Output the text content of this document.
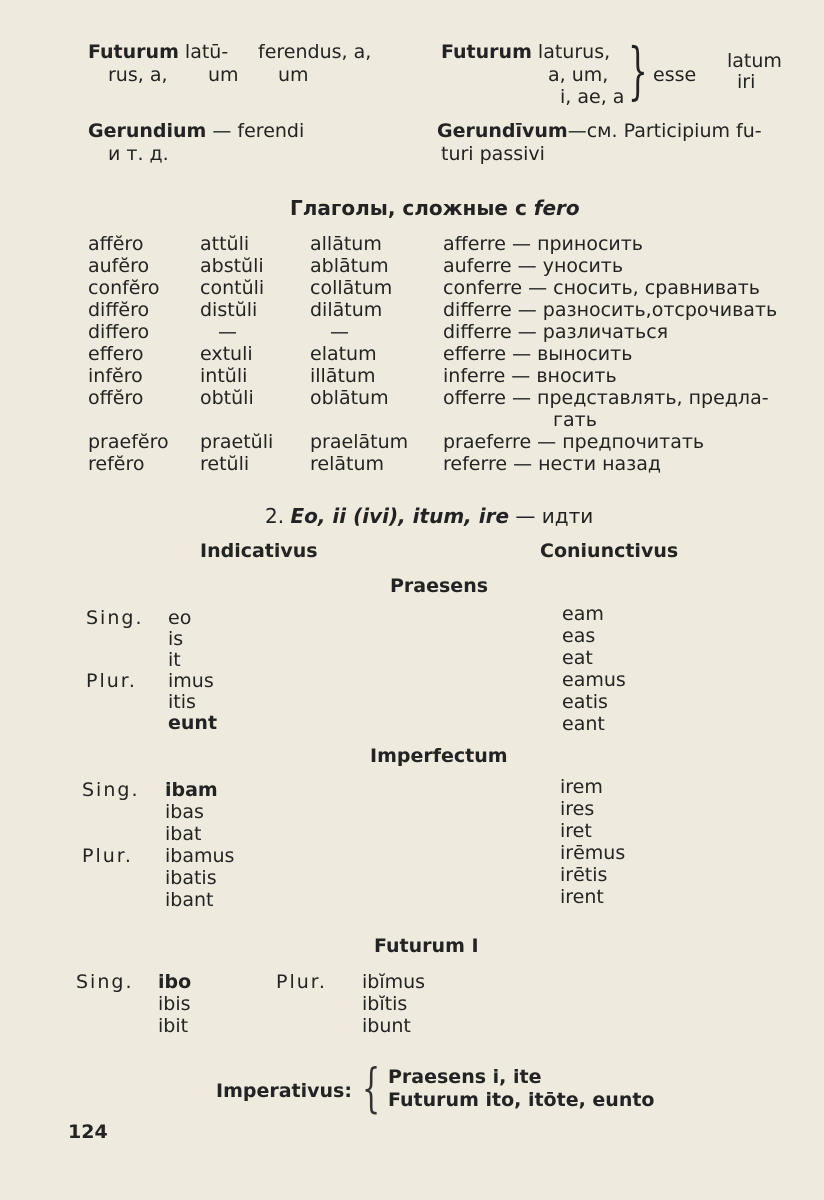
Futurum latū-
rus, a, um
ferendus, a,
um
Futurum laturus,
a, um,
i, ae, a } esse
latum
iri
Gerundium — ferendi
и т. д.
Gerundīvum—см. Participium fu-
turi passivi
Глаголы, сложные с fero
affĕro
aufĕro
confĕro
diffĕro
differo
effero
infĕro
offĕro
praefĕro
refĕro
attŭli
abstŭli
contŭli
distŭli
—
extuli
intŭli
obtŭli
praetŭli
retŭli
allātum
ablātum
collātum
dilātum
—
elatum
illātum
oblātum
praelātum
relātum
afferre — приносить
auferre — уносить
conferre — сносить, сравнивать
differre — разносить,отсрочивать
differre — различаться
efferre — выносить
inferre — вносить
offerre — представлять, предла-
гать
praeferre — предпочитать
referre — нести назад
2. Eo, ii (ivi), itum, ire — идти
Indicativus	Coniunctivus
Praesens
Sing.
Plur.
eo
is
it
imus
itis
eunt
eam
eas
eat
eamus
eatis
eant
Imperfectum
Sing.
Plur.
ibam
ibas
ibat
ibamus
ibatis
ibant
irem
ires
iret
irēmus
irētis
irent
Futurum I
Sing. ibo
ibis
ibit
Plur. ibĭmus
ibĭtis
ibunt
Imperativus: { Praesens i, ite
Futurum ito, itōte, eunto
124
